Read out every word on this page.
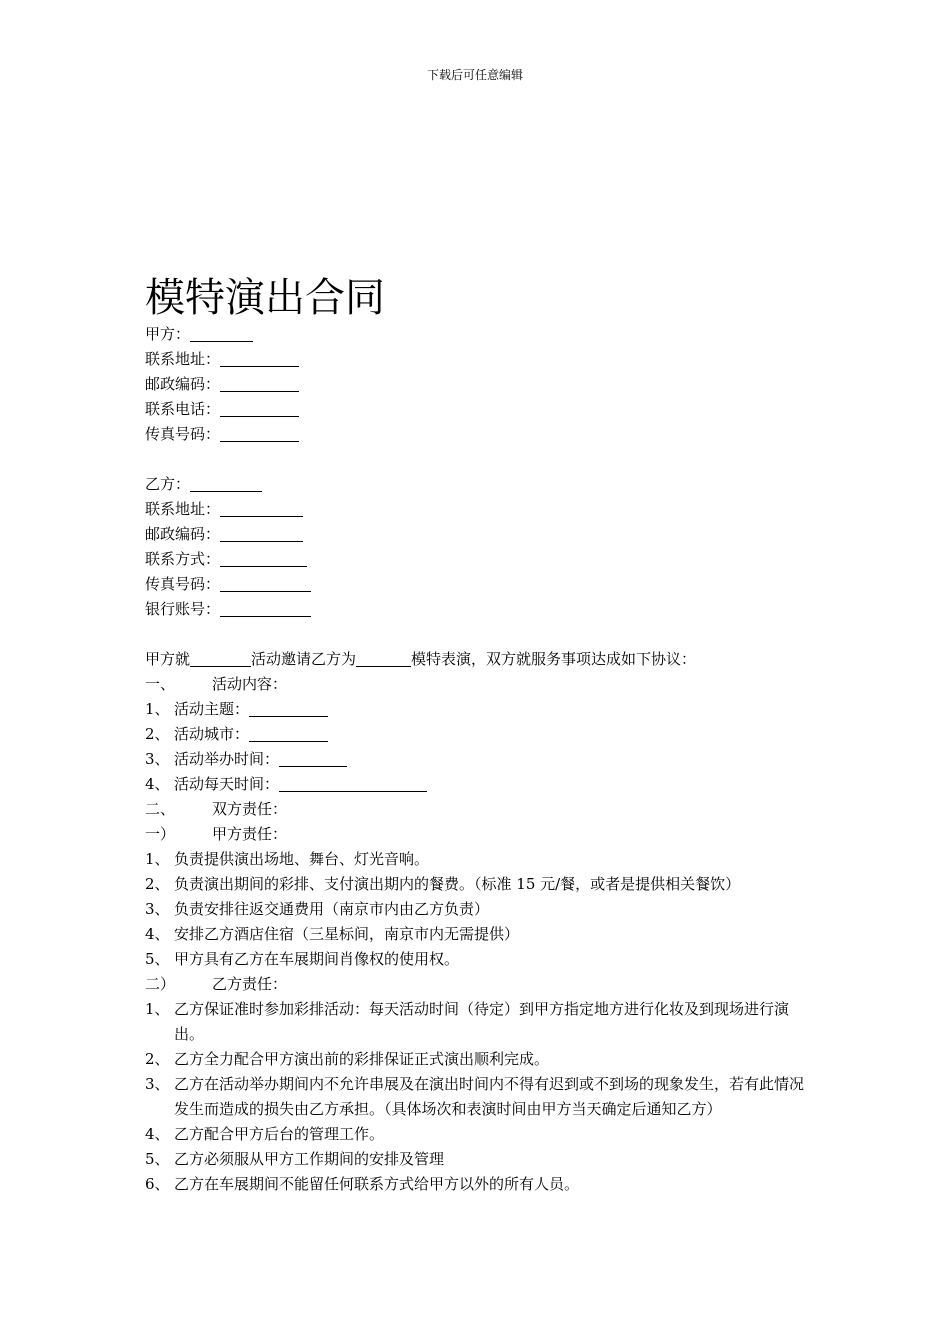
下载后可任意编辑
模特演出合同
甲方：
联系地址：
邮政编码：
联系电话：
传真号码：
乙方：
联系地址：
邮政编码：
联系方式：
传真号码：
银行账号：
甲方就	活动邀请乙方为	模特表演，双方就服务事项达成如下协议：
一、 活动内容：
1、 活动主题：
2、 活动城市：
3、 活动举办时间：
4、 活动每天时间：
二、 双方责任：
一） 甲方责任：
1、 负责提供演出场地、舞台、灯光音响。
2、 负责演出期间的彩排、支付演出期内的餐费。（标准 15 元/餐，或者是提供相关餐饮）
3、 负责安排往返交通费用（南京市内由乙方负责）
4、 安排乙方酒店住宿（三星标间，南京市内无需提供）
5、 甲方具有乙方在车展期间肖像权的使用权。
二） 乙方责任：
1、 乙方保证准时参加彩排活动：每天活动时间（待定）到甲方指定地方进行化妆及到现场进行演出。
2、 乙方全力配合甲方演出前的彩排保证正式演出顺利完成。
3、 乙方在活动举办期间内不允许串展及在演出时间内不得有迟到或不到场的现象发生，若有此情况发生而造成的损失由乙方承担。（具体场次和表演时间由甲方当天确定后通知乙方）
4、 乙方配合甲方后台的管理工作。
5、 乙方必须服从甲方工作期间的安排及管理
6、 乙方在车展期间不能留任何联系方式给甲方以外的所有人员。
